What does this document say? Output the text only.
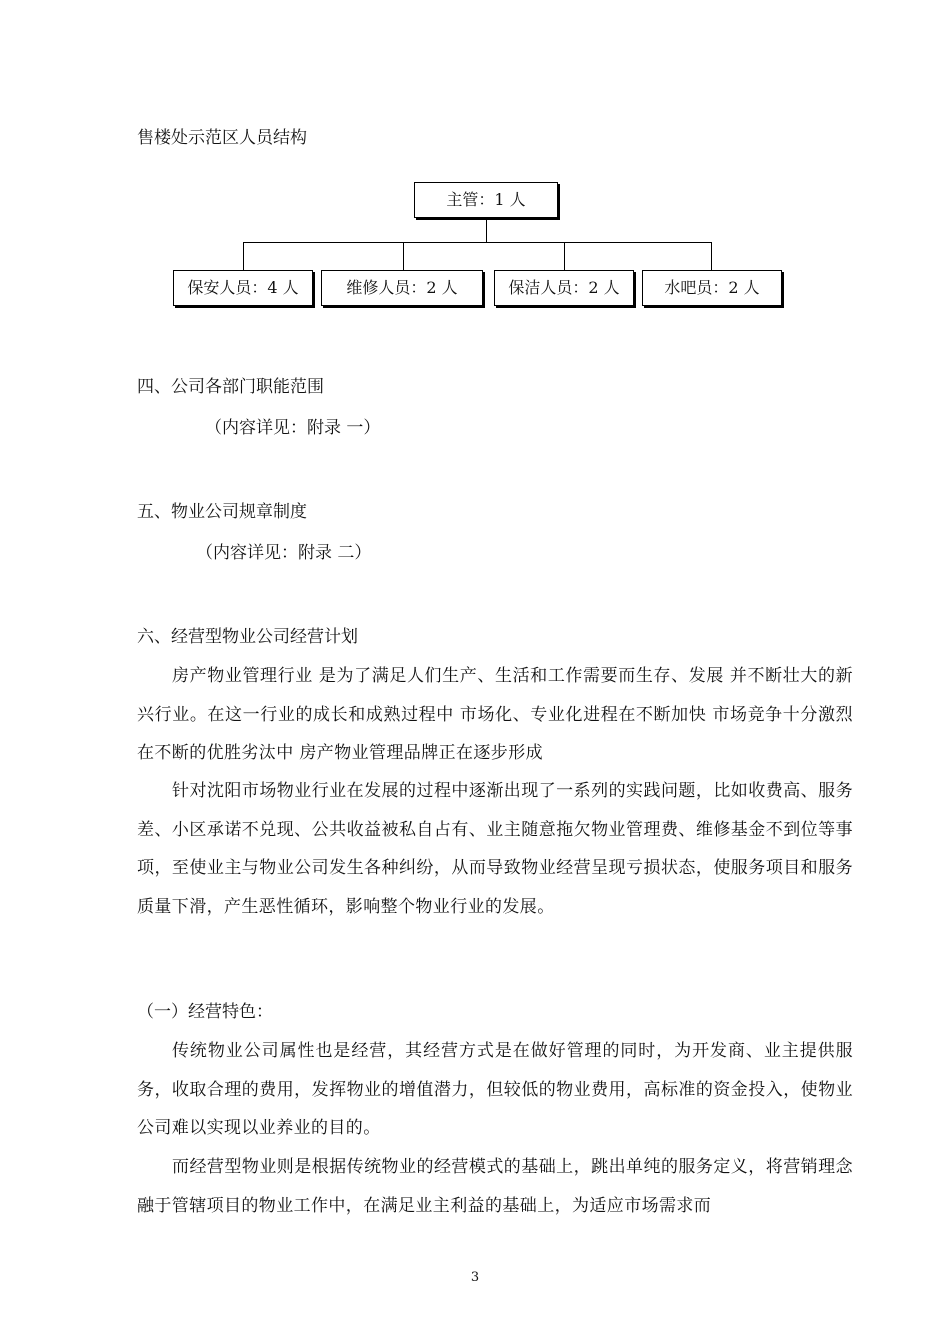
售楼处示范区人员结构
主管：1 人
保安人员：4 人	维修人员：2 人	保洁人员：2 人	水吧员：2 人
四、公司各部门职能范围
（内容详见：附录 一）
五、物业公司规章制度
（内容详见：附录 二）
六、经营型物业公司经营计划
房产物业管理行业 是为了满足人们生产、生活和工作需要而生存、发展 并不断壮大的新兴行业。在这一行业的成长和成熟过程中 市场化、专业化进程在不断加快 市场竞争十分激烈 在不断的优胜劣汰中 房产物业管理品牌正在逐步形成
针对沈阳市场物业行业在发展的过程中逐渐出现了一系列的实践问题，比如收费高、服务差、小区承诺不兑现、公共收益被私自占有、业主随意拖欠物业管理费、维修基金不到位等事项，至使业主与物业公司发生各种纠纷，从而导致物业经营呈现亏损状态，使服务项目和服务质量下滑，产生恶性循环，影响整个物业行业的发展。
（一）经营特色：
传统物业公司属性也是经营，其经营方式是在做好管理的同时，为开发商、业主提供服务，收取合理的费用，发挥物业的增值潜力，但较低的物业费用，高标准的资金投入，使物业公司难以实现以业养业的目的。
而经营型物业则是根据传统物业的经营模式的基础上，跳出单纯的服务定义，将营销理念融于管辖项目的物业工作中，在满足业主利益的基础上，为适应市场需求而
3
